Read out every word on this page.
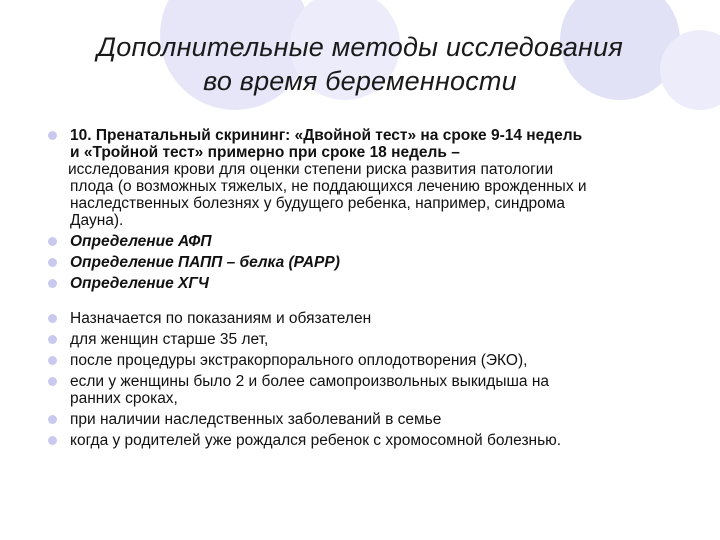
Дополнительные методы исследования
во время беременности
10. Пренатальный скрининг: «Двойной тест» на сроке 9-14 недель
и «Тройной тест» примерно при сроке 18 недель –
исследования крови для оценки степени риска развития патологии
плода (о возможных тяжелых, не поддающихся лечению врожденных и
наследственных болезнях у будущего ребенка, например, синдрома
Дауна).
Определение АФП
Определение ПАПП – белка (PAPP)
Определение ХГЧ
Назначается по показаниям и обязателен
для женщин старше 35 лет,
после процедуры экстракорпорального оплодотворения (ЭКО),
если у женщины было 2 и более самопроизвольных выкидыша на
ранних сроках,
при наличии наследственных заболеваний в семье
когда у родителей уже рождался ребенок с хромосомной болезнью.
